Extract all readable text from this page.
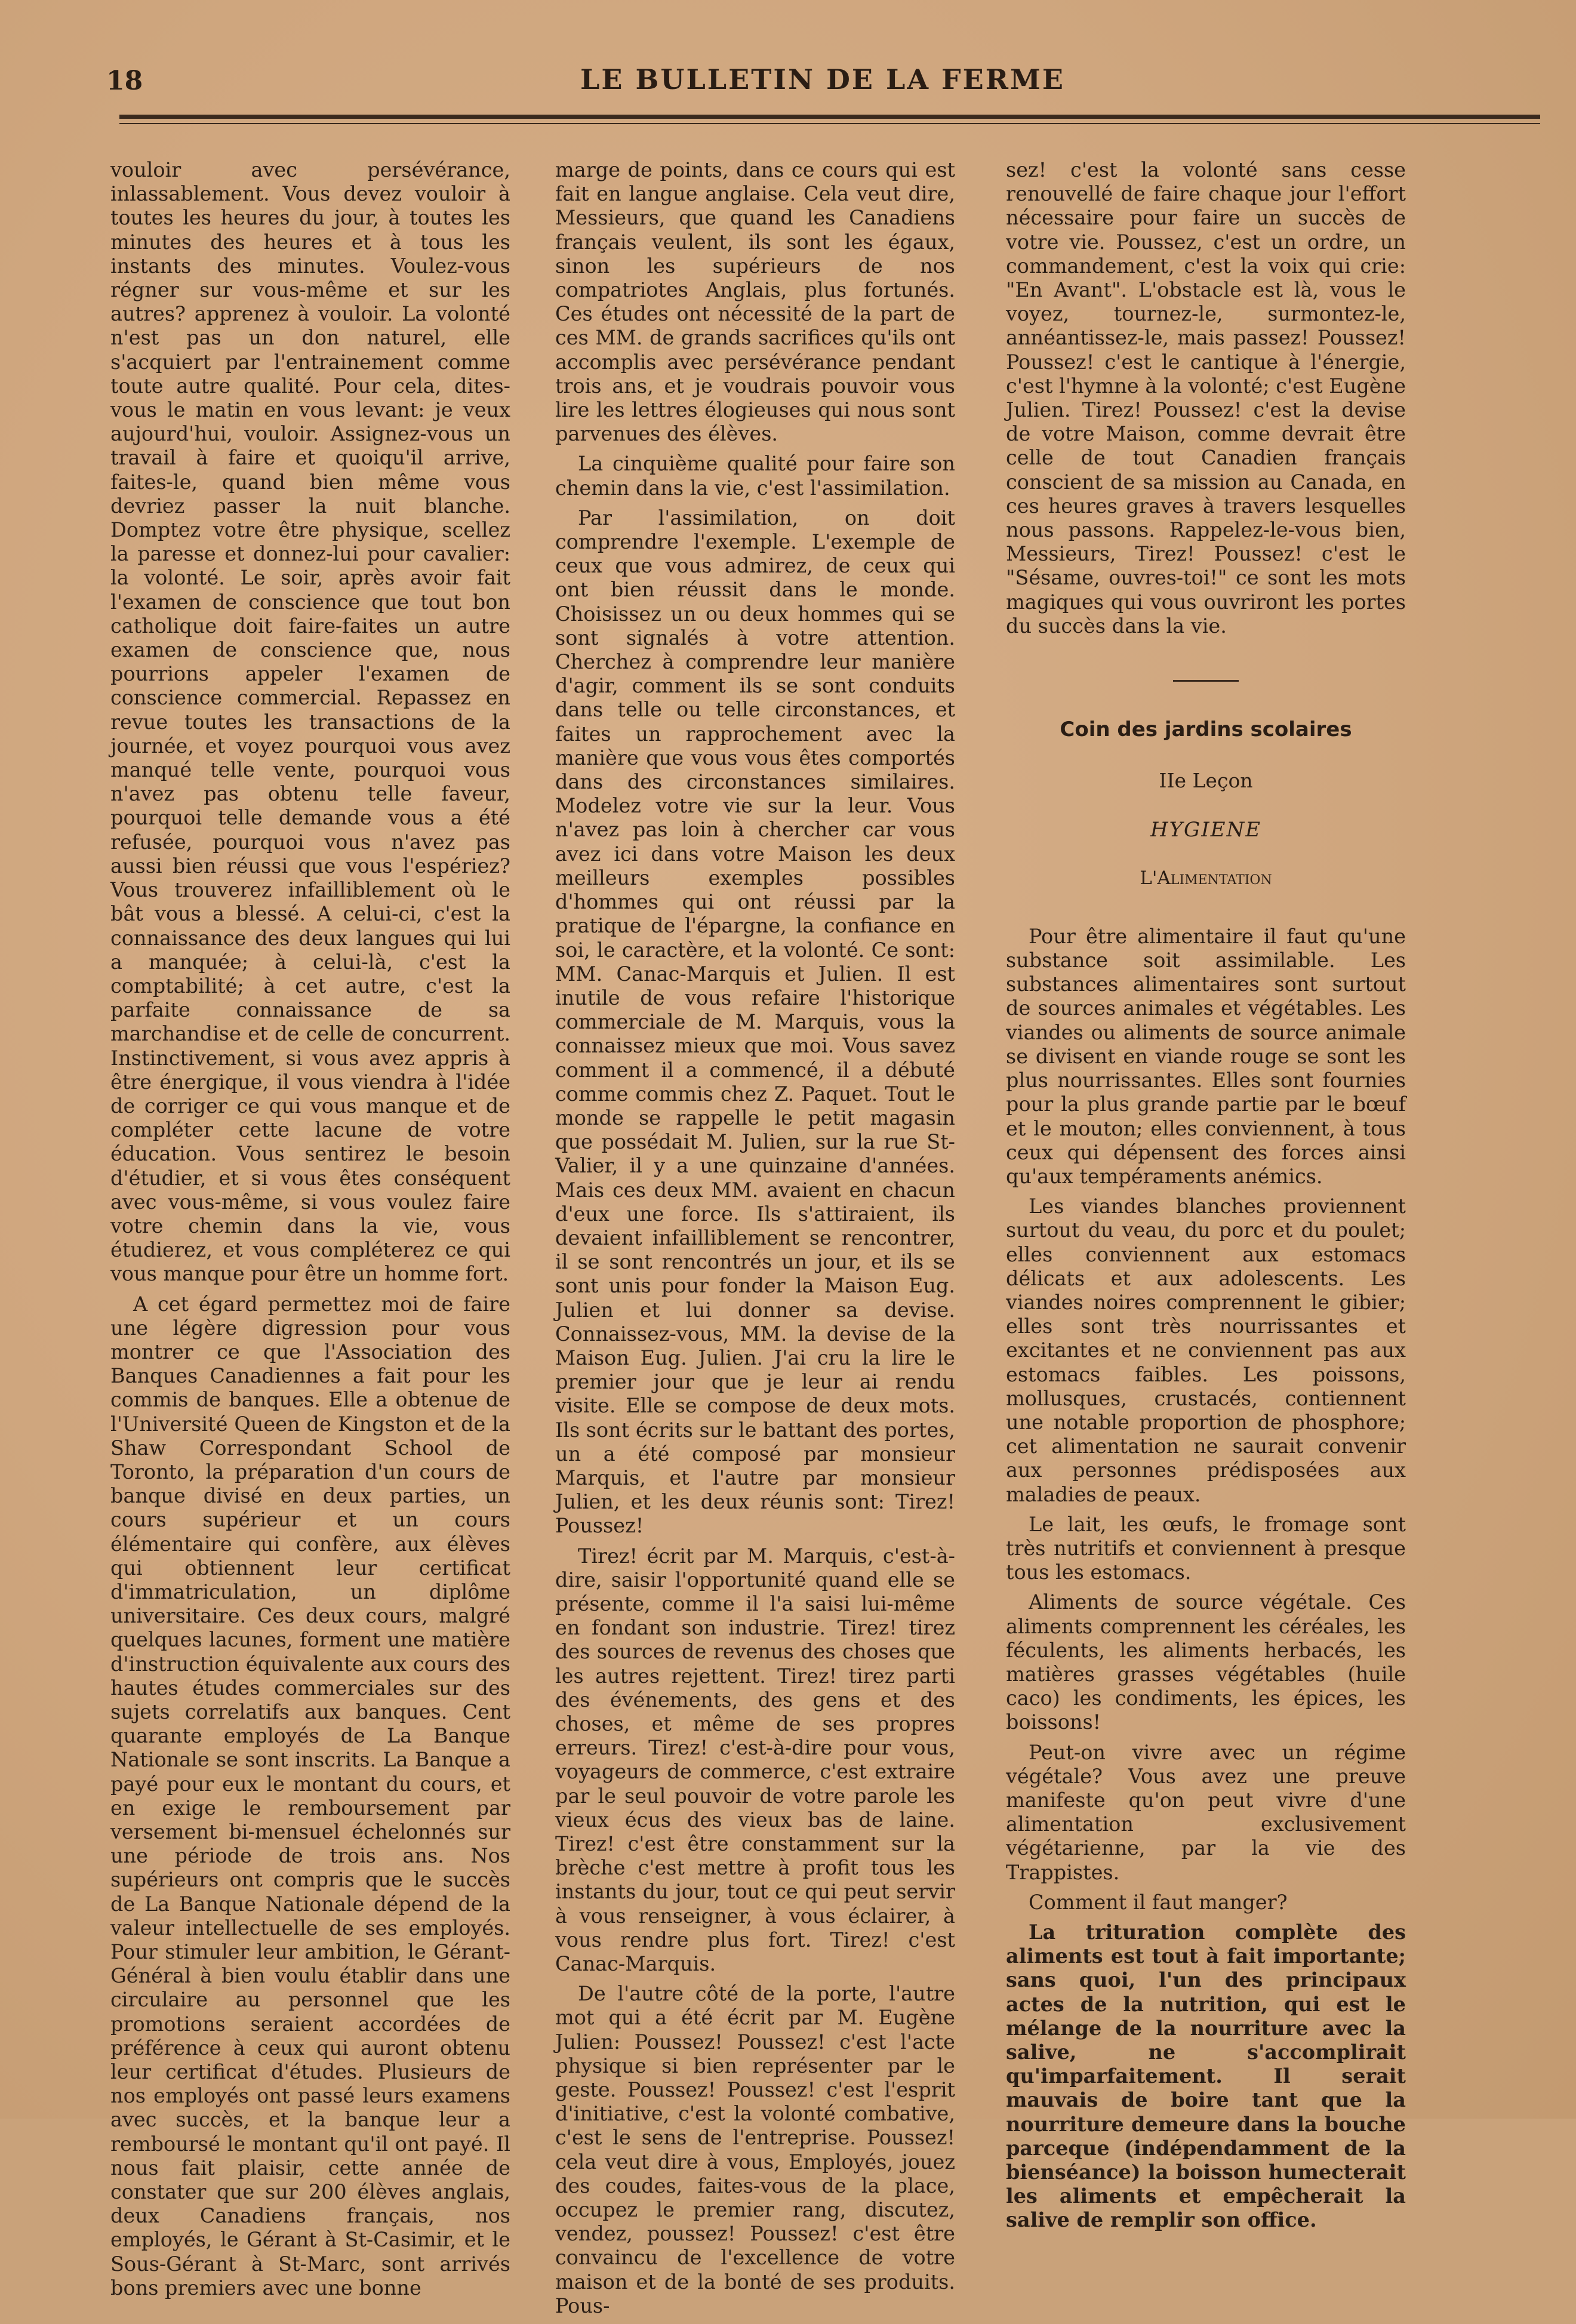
18	LE BULLETIN DE LA FERME

vouloir avec persévérance, inlassablement. Vous devez vouloir à toutes les heures du jour, à toutes les minutes des heures et à tous les instants des minutes. Voulez-vous régner sur vous-même et sur les autres? apprenez à vouloir. La volonté n'est pas un don naturel, elle s'acquiert par l'entrainement comme toute autre qualité. Pour cela, dites-vous le matin en vous levant: je veux aujourd'hui, vouloir. Assignez-vous un travail à faire et quoiqu'il arrive, faites-le, quand bien même vous devriez passer la nuit blanche. Domptez votre être physique, scellez la paresse et donnez-lui pour cavalier: la volonté. Le soir, après avoir fait l'examen de conscience que tout bon catholique doit faire-faites un autre examen de conscience que, nous pourrions appeler l'examen de conscience commercial. Repassez en revue toutes les transactions de la journée, et voyez pourquoi vous avez manqué telle vente, pourquoi vous n'avez pas obtenu telle faveur, pourquoi telle demande vous a été refusée, pourquoi vous n'avez pas aussi bien réussi que vous l'espériez? Vous trouverez infailliblement où le bât vous a blessé. A celui-ci, c'est la connaissance des deux langues qui lui a manquée; à celui-là, c'est la comptabilité; à cet autre, c'est la parfaite connaissance de sa marchandise et de celle de concurrent. Instinctivement, si vous avez appris à être énergique, il vous viendra à l'idée de corriger ce qui vous manque et de compléter cette lacune de votre éducation. Vous sentirez le besoin d'étudier, et si vous êtes conséquent avec vous-même, si vous voulez faire votre chemin dans la vie, vous étudierez, et vous compléterez ce qui vous manque pour être un homme fort.

A cet égard permettez moi de faire une légère digression pour vous montrer ce que l'Association des Banques Canadiennes a fait pour les commis de banques. Elle a obtenue de l'Université Queen de Kingston et de la Shaw Correspondant School de Toronto, la préparation d'un cours de banque divisé en deux parties, un cours supérieur et un cours élémentaire qui confère, aux élèves qui obtiennent leur certificat d'immatriculation, un diplôme universitaire. Ces deux cours, malgré quelques lacunes, forment une matière d'instruction équivalente aux cours des hautes études commerciales sur des sujets correlatifs aux banques. Cent quarante employés de La Banque Nationale se sont inscrits. La Banque a payé pour eux le montant du cours, et en exige le remboursement par versement bi-mensuel échelonnés sur une période de trois ans. Nos supérieurs ont compris que le succès de La Banque Nationale dépend de la valeur intellectuelle de ses employés. Pour stimuler leur ambition, le Gérant-Général à bien voulu établir dans une circulaire au personnel que les promotions seraient accordées de préférence à ceux qui auront obtenu leur certificat d'études. Plusieurs de nos employés ont passé leurs examens avec succès, et la banque leur a remboursé le montant qu'il ont payé. Il nous fait plaisir, cette année de constater que sur 200 élèves anglais, deux Canadiens français, nos employés, le Gérant à St-Casimir, et le Sous-Gérant à St-Marc, sont arrivés bons premiers avec une bonne

marge de points, dans ce cours qui est fait en langue anglaise. Cela veut dire, Messieurs, que quand les Canadiens français veulent, ils sont les égaux, sinon les supérieurs de nos compatriotes Anglais, plus fortunés. Ces études ont nécessité de la part de ces MM. de grands sacrifices qu'ils ont accomplis avec persévérance pendant trois ans, et je voudrais pouvoir vous lire les lettres élogieuses qui nous sont parvenues des élèves.

La cinquième qualité pour faire son chemin dans la vie, c'est l'assimilation.

Par l'assimilation, on doit comprendre l'exemple. L'exemple de ceux que vous admirez, de ceux qui ont bien réussit dans le monde. Choisissez un ou deux hommes qui se sont signalés à votre attention. Cherchez à comprendre leur manière d'agir, comment ils se sont conduits dans telle ou telle circonstances, et faites un rapprochement avec la manière que vous vous êtes comportés dans des circonstances similaires. Modelez votre vie sur la leur. Vous n'avez pas loin à chercher car vous avez ici dans votre Maison les deux meilleurs exemples possibles d'hommes qui ont réussi par la pratique de l'épargne, la confiance en soi, le caractère, et la volonté. Ce sont: MM. Canac-Marquis et Julien. Il est inutile de vous refaire l'historique commerciale de M. Marquis, vous la connaissez mieux que moi. Vous savez comment il a commencé, il a débuté comme commis chez Z. Paquet. Tout le monde se rappelle le petit magasin que possédait M. Julien, sur la rue St-Valier, il y a une quinzaine d'années. Mais ces deux MM. avaient en chacun d'eux une force. Ils s'attiraient, ils devaient infailliblement se rencontrer, il se sont rencontrés un jour, et ils se sont unis pour fonder la Maison Eug. Julien et lui donner sa devise. Connaissez-vous, MM. la devise de la Maison Eug. Julien. J'ai cru la lire le premier jour que je leur ai rendu visite. Elle se compose de deux mots. Ils sont écrits sur le battant des portes, un a été composé par monsieur Marquis, et l'autre par monsieur Julien, et les deux réunis sont: Tirez! Poussez!

Tirez! écrit par M. Marquis, c'est-à-dire, saisir l'opportunité quand elle se présente, comme il l'a saisi lui-même en fondant son industrie. Tirez! tirez des sources de revenus des choses que les autres rejettent. Tirez! tirez parti des événements, des gens et des choses, et même de ses propres erreurs. Tirez! c'est-à-dire pour vous, voyageurs de commerce, c'est extraire par le seul pouvoir de votre parole les vieux écus des vieux bas de laine. Tirez! c'est être constamment sur la brèche c'est mettre à profit tous les instants du jour, tout ce qui peut servir à vous renseigner, à vous éclairer, à vous rendre plus fort. Tirez! c'est Canac-Marquis.

De l'autre côté de la porte, l'autre mot qui a été écrit par M. Eugène Julien: Poussez! Poussez! c'est l'acte physique si bien représenter par le geste. Poussez! Poussez! c'est l'esprit d'initiative, c'est la volonté combative, c'est le sens de l'entreprise. Poussez! cela veut dire à vous, Employés, jouez des coudes, faites-vous de la place, occupez le premier rang, discutez, vendez, poussez! Poussez! c'est être convaincu de l'excellence de votre maison et de la bonté de ses produits. Pous-

sez! c'est la volonté sans cesse renouvellé de faire chaque jour l'effort nécessaire pour faire un succès de votre vie. Poussez, c'est un ordre, un commandement, c'est la voix qui crie: "En Avant". L'obstacle est là, vous le voyez, tournez-le, surmontez-le, annéantissez-le, mais passez! Poussez! Poussez! c'est le cantique à l'énergie, c'est l'hymne à la volonté; c'est Eugène Julien. Tirez! Poussez! c'est la devise de votre Maison, comme devrait être celle de tout Canadien français conscient de sa mission au Canada, en ces heures graves à travers lesquelles nous passons. Rappelez-le-vous bien, Messieurs, Tirez! Poussez! c'est le "Sésame, ouvres-toi!" ce sont les mots magiques qui vous ouvriront les portes du succès dans la vie.

Coin des jardins scolaires
IIe Leçon
HYGIENE
L'Alimentation

Pour être alimentaire il faut qu'une substance soit assimilable. Les substances alimentaires sont surtout de sources animales et végétables. Les viandes ou aliments de source animale se divisent en viande rouge se sont les plus nourrissantes. Elles sont fournies pour la plus grande partie par le bœuf et le mouton; elles conviennent, à tous ceux qui dépensent des forces ainsi qu'aux tempéraments anémics.

Les viandes blanches proviennent surtout du veau, du porc et du poulet; elles conviennent aux estomacs délicats et aux adolescents. Les viandes noires comprennent le gibier; elles sont très nourrissantes et excitantes et ne conviennent pas aux estomacs faibles. Les poissons, mollusques, crustacés, contiennent une notable proportion de phosphore; cet alimentation ne saurait convenir aux personnes prédisposées aux maladies de peaux.

Le lait, les œufs, le fromage sont très nutritifs et conviennent à presque tous les estomacs.

Aliments de source végétale. Ces aliments comprennent les céréales, les féculents, les aliments herbacés, les matières grasses végétables (huile caco) les condiments, les épices, les boissons!

Peut-on vivre avec un régime végétale? Vous avez une preuve manifeste qu'on peut vivre d'une alimentation exclusivement végétarienne, par la vie des Trappistes.

Comment il faut manger?

La trituration complète des aliments est tout à fait importante; sans quoi, l'un des principaux actes de la nutrition, qui est le mélange de la nourriture avec la salive, ne s'accomplirait qu'imparfaitement. Il serait mauvais de boire tant que la nourriture demeure dans la bouche parceque (indépendamment de la bienséance) la boisson humecterait les aliments et empêcherait la salive de remplir son office.
